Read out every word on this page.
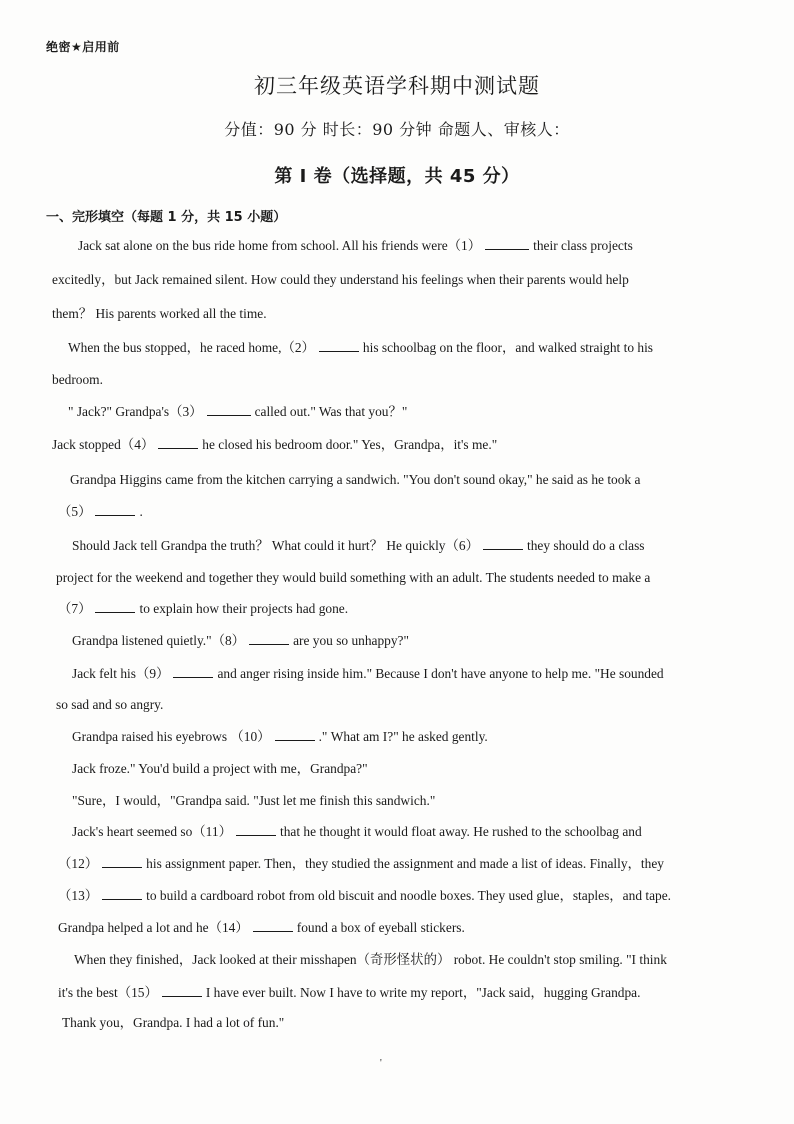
绝密★启用前
初三年级英语学科期中测试题
分值：90 分 时长：90 分钟 命题人、审核人：
第 I 卷（选择题，共 45 分）
一、完形填空（每题 1 分，共 15 小题）
Jack sat alone on the bus ride home from school. All his friends were（1）	their class projects
excitedly，but Jack remained silent. How could they understand his feelings when their parents would help
them？ His parents worked all the time.
When the bus stopped，he raced home,（2）	his schoolbag on the floor，and walked straight to his
bedroom.
" Jack?" Grandpa's（3）	called out." Was that you？"
Jack stopped（4）	he closed his bedroom door." Yes，Grandpa，it's me."
Grandpa Higgins came from the kitchen carrying a sandwich. "You don't sound okay," he said as he took a
（5）	.
Should Jack tell Grandpa the truth？ What could it hurt？ He quickly（6）	they should do a class
project for the weekend and together they would build something with an adult. The students needed to make a
（7）	to explain how their projects had gone.
Grandpa listened quietly."（8）	are you so unhappy?"
Jack felt his（9）	and anger rising inside him." Because I don't have anyone to help me. "He sounded
so sad and so angry.
Grandpa raised his eyebrows （10）	." What am I?" he asked gently.
Jack froze." You'd build a project with me，Grandpa?"
"Sure，I would，"Grandpa said. "Just let me finish this sandwich."
Jack's heart seemed so（11）	that he thought it would float away. He rushed to the schoolbag and
（12）	his assignment paper. Then，they studied the assignment and made a list of ideas. Finally，they
（13）	to build a cardboard robot from old biscuit and noodle boxes. They used glue，staples，and tape.
Grandpa helped a lot and he（14）	found a box of eyeball stickers.
When they finished，Jack looked at their misshapen（奇形怪状的） robot. He couldn't stop smiling. "I think
it's the best（15）	I have ever built. Now I have to write my report，"Jack said，hugging Grandpa.
Thank you，Grandpa. I had a lot of fun."
'
